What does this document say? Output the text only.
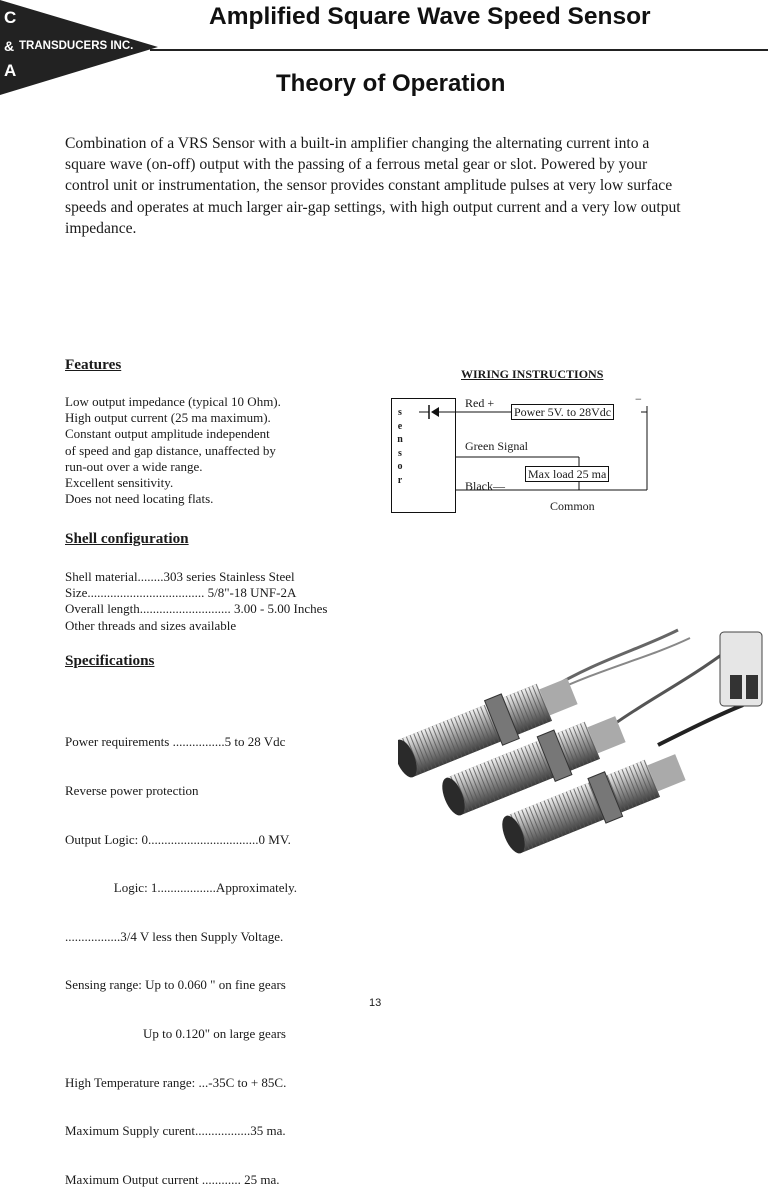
C
& TRANSDUCERS INC.
A
Amplified Square Wave Speed Sensor
Theory of Operation

Combination of a VRS Sensor with a built-in amplifier changing the alternating current into a square wave (on-off) output with the passing of a ferrous metal gear or slot. Powered by your control unit or instrumentation, the sensor provides constant amplitude pulses at very low surface speeds and operates at much larger air-gap settings, with high output current and a very low output impedance.

Features
Low output impedance (typical 10 Ohm).
High output current (25 ma maximum).
Constant output amplitude independent
of speed and gap distance, unaffected by
run-out over a wide range.
Excellent sensitivity.
Does not need locating flats.
Shell configuration
Shell material........303 series Stainless Steel
Size.................................... 5/8"-18 UNF-2A
Overall length............................ 3.00 - 5.00 Inches
Other threads and sizes available
Specifications

Power requirements ................5 to 28 Vdc

Reverse power protection

Output Logic: 0..................................0 MV.

Logic: 1..................Approximately.

.................3/4 V less then Supply Voltage.

Sensing range: Up to 0.060 " on fine gears

Up to 0.120" on large gears

High Temperature range: ...-35C to + 85C.

Maximum Supply curent.................35 ma.

Maximum Output current ............ 25 ma.

WIRING INSTRUCTIONS
s
e
n
s
o
r
Red +	−
Power 5V. to 28Vdc
Green Signal
Max load 25 ma
Black—
Common
13
